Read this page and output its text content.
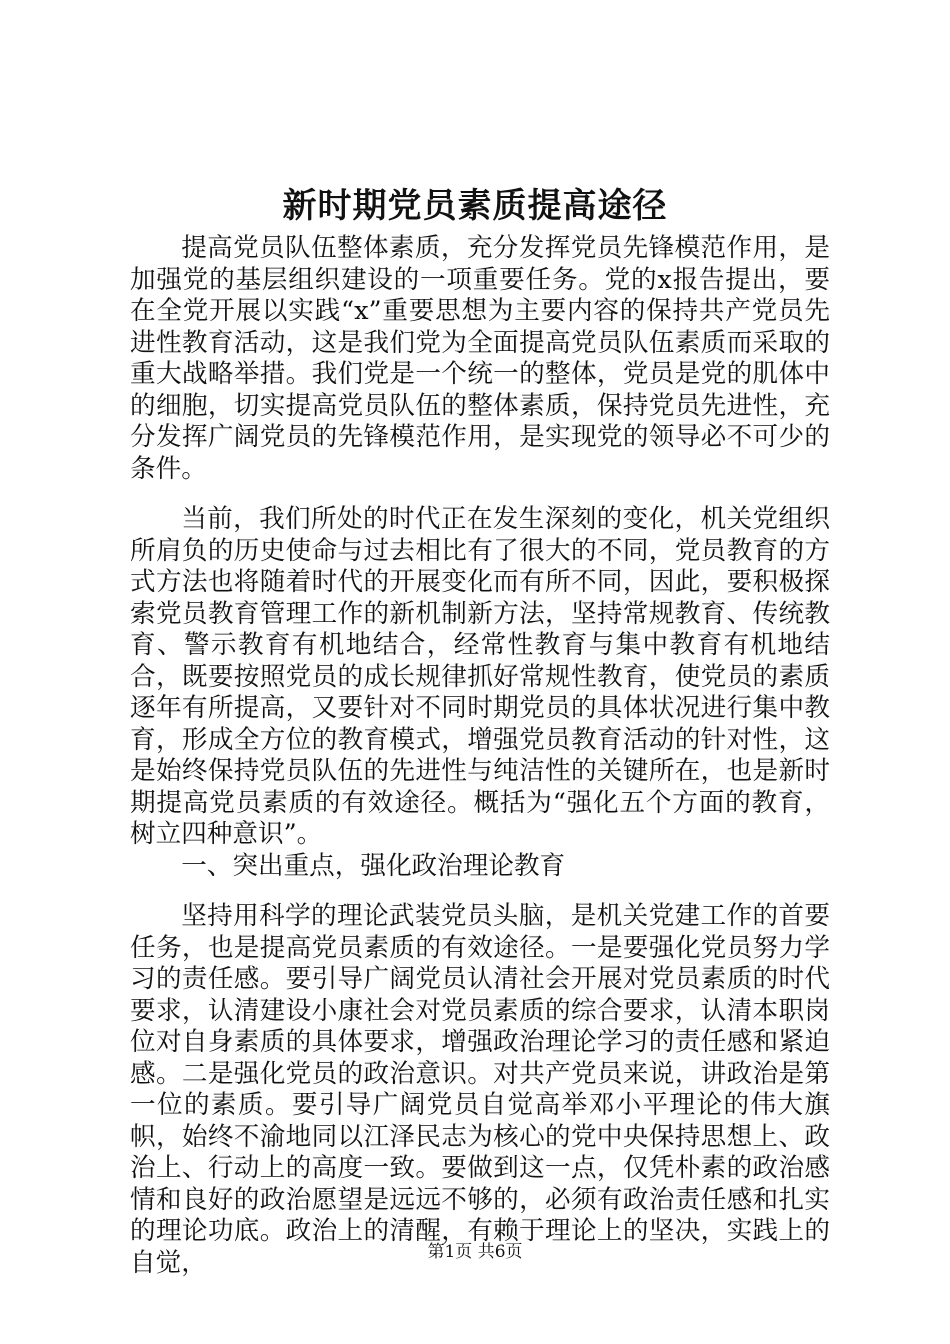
新时期党员素质提高途径

提高党员队伍整体素质，充分发挥党员先锋模范作用，是加强党的基层组织建设的一项重要任务。党的x报告提出，要在全党开展以实践“x”重要思想为主要内容的保持共产党员先进性教育活动，这是我们党为全面提高党员队伍素质而采取的重大战略举措。我们党是一个统一的整体，党员是党的肌体中的细胞，切实提高党员队伍的整体素质，保持党员先进性，充分发挥广阔党员的先锋模范作用，是实现党的领导必不可少的条件。

当前，我们所处的时代正在发生深刻的变化，机关党组织所肩负的历史使命与过去相比有了很大的不同，党员教育的方式方法也将随着时代的开展变化而有所不同，因此，要积极探索党员教育管理工作的新机制新方法，坚持常规教育、传统教育、警示教育有机地结合，经常性教育与集中教育有机地结合，既要按照党员的成长规律抓好常规性教育，使党员的素质逐年有所提高，又要针对不同时期党员的具体状况进行集中教育，形成全方位的教育模式，增强党员教育活动的针对性，这是始终保持党员队伍的先进性与纯洁性的关键所在，也是新时期提高党员素质的有效途径。概括为“强化五个方面的教育，树立四种意识”。

一、突出重点，强化政治理论教育

坚持用科学的理论武装党员头脑，是机关党建工作的首要任务，也是提高党员素质的有效途径。一是要强化党员努力学习的责任感。要引导广阔党员认清社会开展对党员素质的时代要求，认清建设小康社会对党员素质的综合要求，认清本职岗位对自身素质的具体要求，增强政治理论学习的责任感和紧迫感。二是强化党员的政治意识。对共产党员来说，讲政治是第一位的素质。要引导广阔党员自觉高举邓小平理论的伟大旗帜，始终不渝地同以江泽民志为核心的党中央保持思想上、政治上、行动上的高度一致。要做到这一点，仅凭朴素的政治感情和良好的政治愿望是远远不够的，必须有政治责任感和扎实的理论功底。政治上的清醒，有赖于理论上的坚决，实践上的自觉，	第1页 共6页
